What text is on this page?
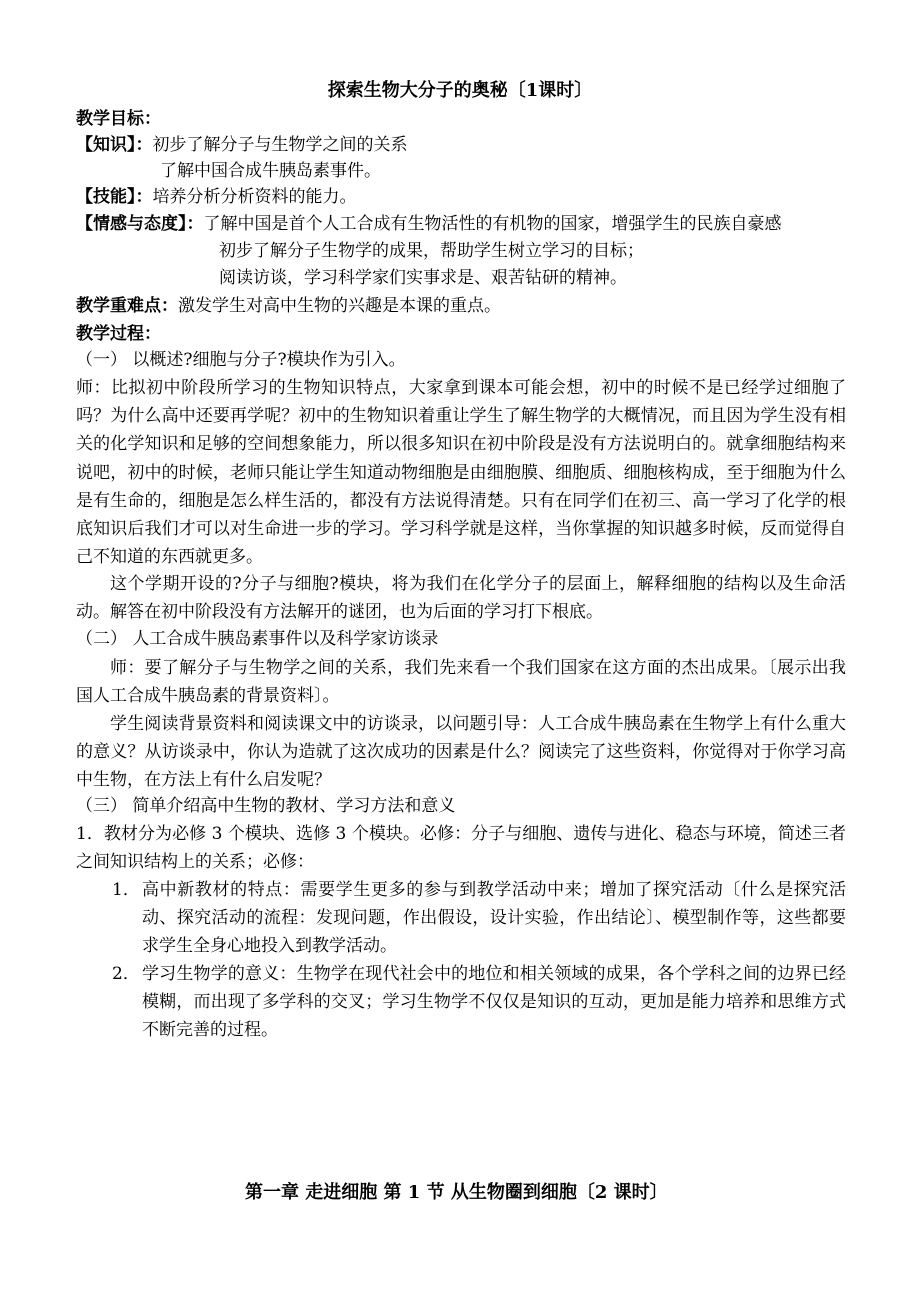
探索生物大分子的奥秘〔1课时〕
教学目标：
【知识】：初步了解分子与生物学之间的关系
了解中国合成牛胰岛素事件。
【技能】：培养分析分析资料的能力。
【情感与态度】：了解中国是首个人工合成有生物活性的有机物的国家，增强学生的民族自豪感
初步了解分子生物学的成果，帮助学生树立学习的目标；
阅读访谈，学习科学家们实事求是、艰苦钻研的精神。
教学重难点：激发学生对高中生物的兴趣是本课的重点。
教学过程：
（一） 以概述?细胞与分子?模块作为引入。
师：比拟初中阶段所学习的生物知识特点，大家拿到课本可能会想，初中的时候不是已经学过细胞了吗？为什么高中还要再学呢？初中的生物知识着重让学生了解生物学的大概情况，而且因为学生没有相关的化学知识和足够的空间想象能力，所以很多知识在初中阶段是没有方法说明白的。就拿细胞结构来说吧，初中的时候，老师只能让学生知道动物细胞是由细胞膜、细胞质、细胞核构成，至于细胞为什么是有生命的，细胞是怎么样生活的，都没有方法说得清楚。只有在同学们在初三、高一学习了化学的根底知识后我们才可以对生命进一步的学习。学习科学就是这样，当你掌握的知识越多时候，反而觉得自己不知道的东西就更多。
这个学期开设的?分子与细胞?模块，将为我们在化学分子的层面上，解释细胞的结构以及生命活动。解答在初中阶段没有方法解开的谜团，也为后面的学习打下根底。
（二） 人工合成牛胰岛素事件以及科学家访谈录
师：要了解分子与生物学之间的关系，我们先来看一个我们国家在这方面的杰出成果。〔展示出我国人工合成牛胰岛素的背景资料〕。
学生阅读背景资料和阅读课文中的访谈录，以问题引导：人工合成牛胰岛素在生物学上有什么重大的意义？从访谈录中，你认为造就了这次成功的因素是什么？阅读完了这些资料，你觉得对于你学习高中生物，在方法上有什么启发呢？
（三） 简单介绍高中生物的教材、学习方法和意义
1．教材分为必修 3 个模块、选修 3 个模块。必修：分子与细胞、遗传与进化、稳态与环境，简述三者之间知识结构上的关系；必修：
1． 高中新教材的特点：需要学生更多的参与到教学活动中来；增加了探究活动〔什么是探究活动、探究活动的流程：发现问题，作出假设，设计实验，作出结论〕、模型制作等，这些都要求学生全身心地投入到教学活动。
2． 学习生物学的意义：生物学在现代社会中的地位和相关领域的成果，各个学科之间的边界已经模糊，而出现了多学科的交叉；学习生物学不仅仅是知识的互动，更加是能力培养和思维方式不断完善的过程。
第一章 走进细胞 第 1 节 从生物圈到细胞〔2 课时〕
